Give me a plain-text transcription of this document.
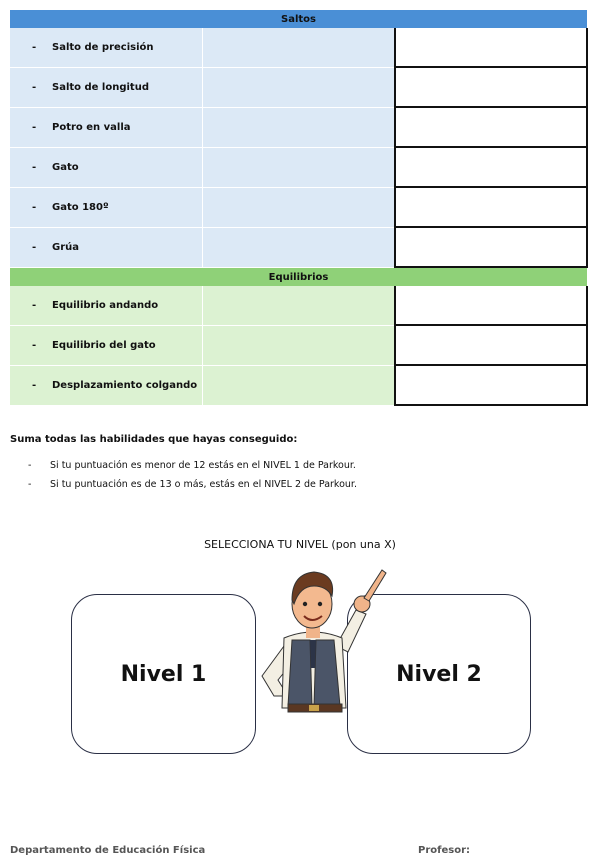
Saltos		
- Salto de precisión		
- Salto de longitud		
- Potro en valla		
- Gato		
- Gato 180º		
- Grúa		
Equilibrios		
- Equilibrio andando		
- Equilibrio del gato		
- Desplazamiento colgando		
Suma todas las habilidades que hayas conseguido:
- Si tu puntuación es menor de 12 estás en el NIVEL 1 de Parkour.
- Si tu puntuación es de 13 o más, estás en el NIVEL 2 de Parkour.
SELECCIONA TU NIVEL (pon una X)
Nivel 1	Nivel 2
Departamento de Educación Física	Profesor:
